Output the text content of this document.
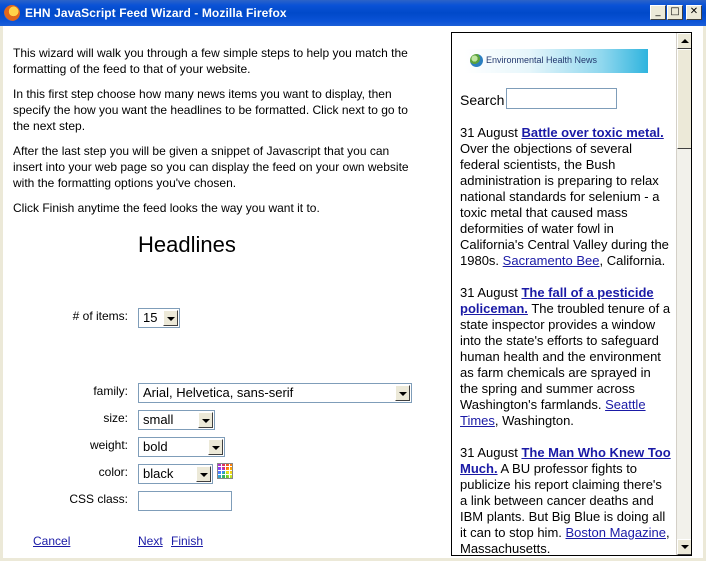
EHN JavaScript Feed Wizard - Mozilla Firefox	_ □	✕

This wizard will walk you through a few simple steps to help you match the formatting of the feed to that of your website.

In this first step choose how many news items you want to display, then specify the how you want the headlines to be formatted. Click next to go to the next step.

After the last step you will be given a snippet of Javascript that you can insert into your web page so you can display the feed on your own website with the formatting options you've chosen.

Click Finish anytime the feed looks the way you want it to.

Headlines
# of items:	15
family:	Arial, Helvetica, sans-serif
size:	small
weight:	bold
color:	black
CSS class:
Cancel	Next Finish
Environmental Health News
Search
31 August Battle over toxic metal. Over the objections of several federal scientists, the Bush administration is preparing to relax national standards for selenium - a toxic metal that caused mass deformities of water fowl in California's Central Valley during the 1980s. Sacramento Bee, California.
31 August The fall of a pesticide policeman. The troubled tenure of a state inspector provides a window into the state's efforts to safeguard human health and the environment as farm chemicals are sprayed in the spring and summer across Washington's farmlands. Seattle Times, Washington.
31 August The Man Who Knew Too Much. A BU professor fights to publicize his report claiming there's a link between cancer deaths and IBM plants. But Big Blue is doing all it can to stop him. Boston Magazine, Massachusetts.
